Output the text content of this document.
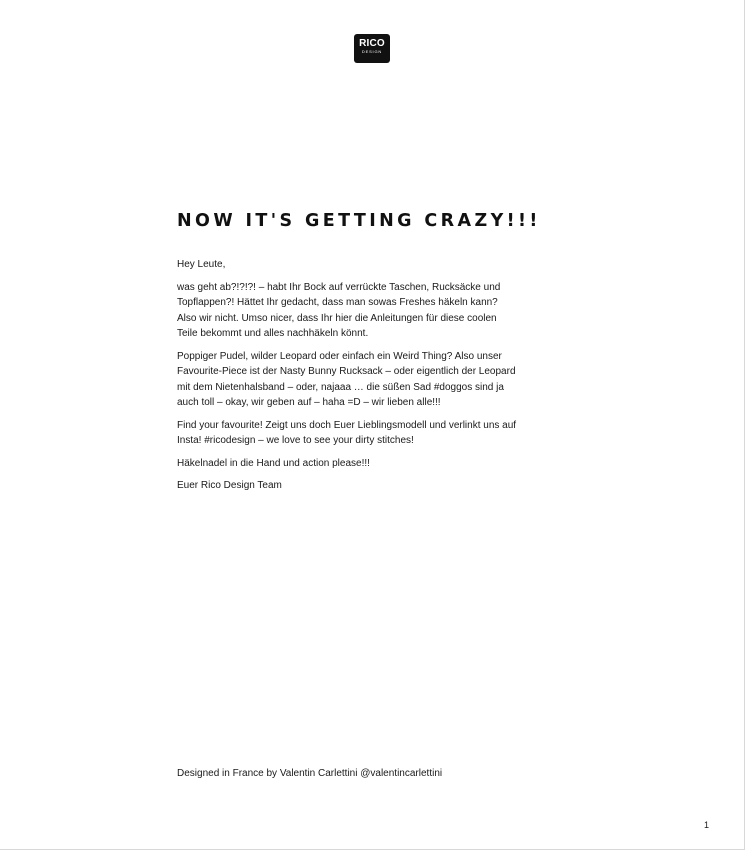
RICO
DESIGN
NOW IT'S GETTING CRAZY!!!

Hey Leute,

was geht ab?!?!?! – habt Ihr Bock auf verrückte Taschen, Rucksäcke und Topflappen?! Hättet Ihr gedacht, dass man sowas Freshes häkeln kann? Also wir nicht. Umso nicer, dass Ihr hier die Anleitungen für diese coolen Teile bekommt und alles nachhäkeln könnt.

Poppiger Pudel, wilder Leopard oder einfach ein Weird Thing? Also unser Favourite-Piece ist der Nasty Bunny Rucksack – oder eigentlich der Leopard mit dem Nietenhalsband – oder, najaaa … die süßen Sad #doggos sind ja auch toll – okay, wir geben auf – haha =D – wir lieben alle!!!

Find your favourite! Zeigt uns doch Euer Lieblingsmodell und verlinkt uns auf Insta! #ricodesign – we love to see your dirty stitches!

Häkelnadel in die Hand und action please!!!

Euer Rico Design Team

Designed in France by Valentin Carlettini @valentincarlettini
1
